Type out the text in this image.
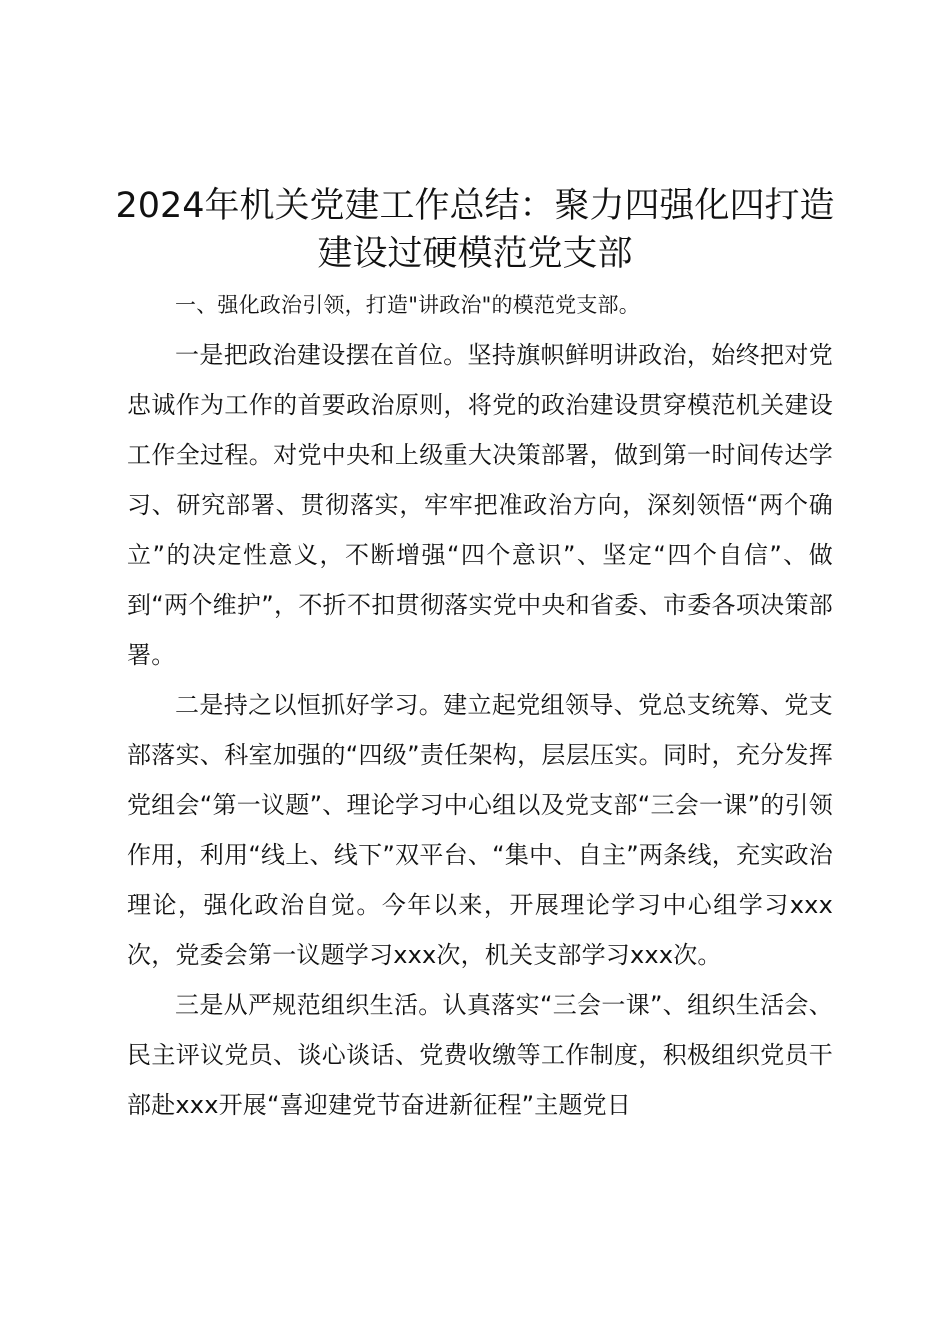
2024年机关党建工作总结：聚力四强化四打造建设过硬模范党支部

一、强化政治引领，打造"讲政治"的模范党支部。

一是把政治建设摆在首位。坚持旗帜鲜明讲政治，始终把对党忠诚作为工作的首要政治原则，将党的政治建设贯穿模范机关建设工作全过程。对党中央和上级重大决策部署，做到第一时间传达学习、研究部署、贯彻落实，牢牢把准政治方向，深刻领悟“两个确立”的决定性意义，不断增强“四个意识”、坚定“四个自信”、做到“两个维护”，不折不扣贯彻落实党中央和省委、市委各项决策部署。

二是持之以恒抓好学习。建立起党组领导、党总支统筹、党支部落实、科室加强的“四级”责任架构，层层压实。同时，充分发挥党组会“第一议题”、理论学习中心组以及党支部“三会一课”的引领作用，利用“线上、线下”双平台、“集中、自主”两条线，充实政治理论，强化政治自觉。今年以来，开展理论学习中心组学习xxx次，党委会第一议题学习xxx次，机关支部学习xxx次。

三是从严规范组织生活。认真落实“三会一课”、组织生活会、民主评议党员、谈心谈话、党费收缴等工作制度，积极组织党员干部赴xxx开展“喜迎建党节奋进新征程”主题党日
